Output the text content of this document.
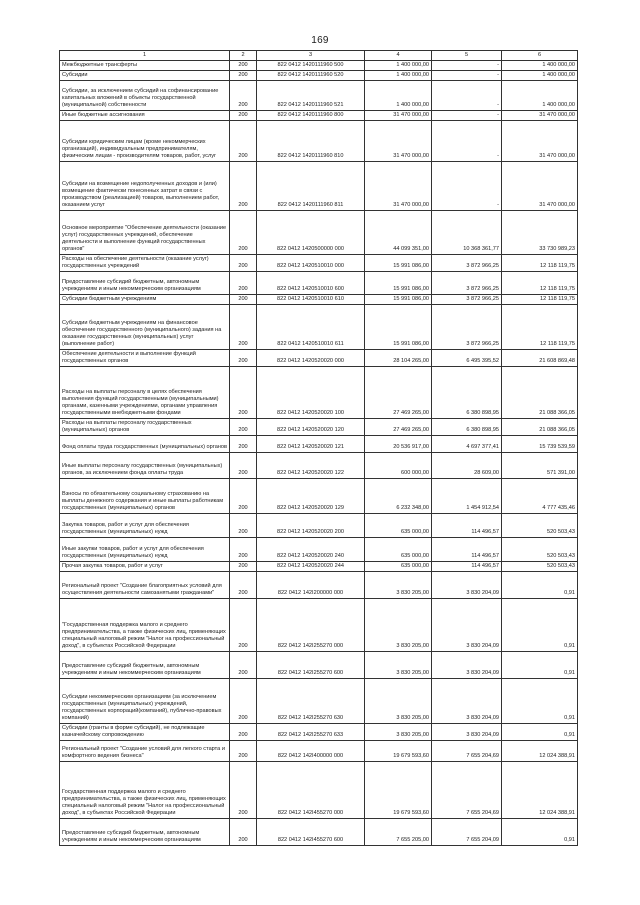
169
1	2	3	4	5	6
Межбюджетные трансферты	200	822 0412 1420111960 500	1 400 000,00	-	1 400 000,00
Субсидии	200	822 0412 1420111960 520	1 400 000,00	-	1 400 000,00
Субсидии, за исключением субсидий на софинансирование капитальных вложений в объекты государственной (муниципальной) собственности	200	822 0412 1420111960 521	1 400 000,00	-	1 400 000,00
Иные бюджетные ассигнования	200	822 0412 1420111960 800	31 470 000,00	-	31 470 000,00
Субсидии юридическим лицам (кроме некоммерческих организаций), индивидуальным предпринимателям, физическим лицам - производителям товаров, работ, услуг	200	822 0412 1420111960 810	31 470 000,00	-	31 470 000,00
Субсидии на возмещение недополученных доходов и (или) возмещение фактически понесенных затрат в связи с производством (реализацией) товаров, выполнением работ, оказанием услуг	200	822 0412 1420111960 811	31 470 000,00	-	31 470 000,00
Основное мероприятие "Обеспечение деятельности (оказание услуг) государственных учреждений, обеспечение деятельности и выполнение функций государственных органов"	200	822 0412 1420500000 000	44 099 351,00	10 368 361,77	33 730 989,23
Расходы на обеспечение деятельности (оказание услуг) государственных учреждений	200	822 0412 1420510010 000	15 991 086,00	3 872 966,25	12 118 119,75
Предоставление субсидий бюджетным, автономным учреждениям и иным некоммерческим организациям	200	822 0412 1420510010 600	15 991 086,00	3 872 966,25	12 118 119,75
Субсидии бюджетным учреждениям	200	822 0412 1420510010 610	15 991 086,00	3 872 966,25	12 118 119,75
Субсидии бюджетным учреждениям на финансовое обеспечение государственного (муниципального) задания на оказание государственных (муниципальных) услуг (выполнение работ)	200	822 0412 1420510010 611	15 991 086,00	3 872 966,25	12 118 119,75
Обеспечение деятельности и выполнение функций государственных органов	200	822 0412 1420520020 000	28 104 265,00	6 495 395,52	21 608 869,48
Расходы на выплаты персоналу в целях обеспечения выполнения функций государственными (муниципальными) органами, казенными учреждениями, органами управления государственными внебюджетными фондами	200	822 0412 1420520020 100	27 469 265,00	6 380 898,95	21 088 366,05
Расходы на выплаты персоналу государственных (муниципальных) органов	200	822 0412 1420520020 120	27 469 265,00	6 380 898,95	21 088 366,05
Фонд оплаты труда государственных (муниципальных) органов	200	822 0412 1420520020 121	20 536 917,00	4 697 377,41	15 739 539,59
Иные выплаты персоналу государственных (муниципальных) органов, за исключением фонда оплаты труда	200	822 0412 1420520020 122	600 000,00	28 609,00	571 391,00
Взносы по обязательному социальному страхованию на выплаты денежного содержания и иные выплаты работникам государственных (муниципальных) органов	200	822 0412 1420520020 129	6 232 348,00	1 454 912,54	4 777 435,46
Закупка товаров, работ и услуг для обеспечения государственных (муниципальных) нужд	200	822 0412 1420520020 200	635 000,00	114 496,57	520 503,43
Иные закупки товаров, работ и услуг для обеспечения государственных (муниципальных) нужд	200	822 0412 1420520020 240	635 000,00	114 496,57	520 503,43
Прочая закупка товаров, работ и услуг	200	822 0412 1420520020 244	635 000,00	114 496,57	520 503,43
Региональный проект "Создание благоприятных условий для осуществления деятельности самозанятыми гражданами"	200	822 0412 142I200000 000	3 830 205,00	3 830 204,09	0,91
"Государственная поддержка малого и среднего предпринимательства, а также физических лиц, применяющих специальный налоговый режим "Налог на профессиональный доход", в субъектах Российской Федерации	200	822 0412 142I255270 000	3 830 205,00	3 830 204,09	0,91
Предоставление субсидий бюджетным, автономным учреждениям и иным некоммерческим организациям	200	822 0412 142I255270 600	3 830 205,00	3 830 204,09	0,91
Субсидии некоммерческим организациям (за исключением государственных (муниципальных) учреждений, государственных корпораций(компаний), публично-правовых компаний)	200	822 0412 142I255270 630	3 830 205,00	3 830 204,09	0,91
Субсидии (гранты в форме субсидий), не подлежащие казначейскому сопровождению	200	822 0412 142I255270 633	3 830 205,00	3 830 204,09	0,91
Региональный проект "Создание условий для легкого старта и комфортного ведения бизнеса"	200	822 0412 142I400000 000	19 679 593,60	7 655 204,69	12 024 388,91
Государственная поддержка малого и среднего предпринимательства, а также физических лиц, применяющих специальный налоговый режим "Налог на профессиональный доход", в субъектах Российской Федерации	200	822 0412 142I455270 000	19 679 593,60	7 655 204,69	12 024 388,91
Предоставление субсидий бюджетным, автономным учреждениям и иным некоммерческим организациям	200	822 0412 142I455270 600	7 655 205,00	7 655 204,09	0,91
